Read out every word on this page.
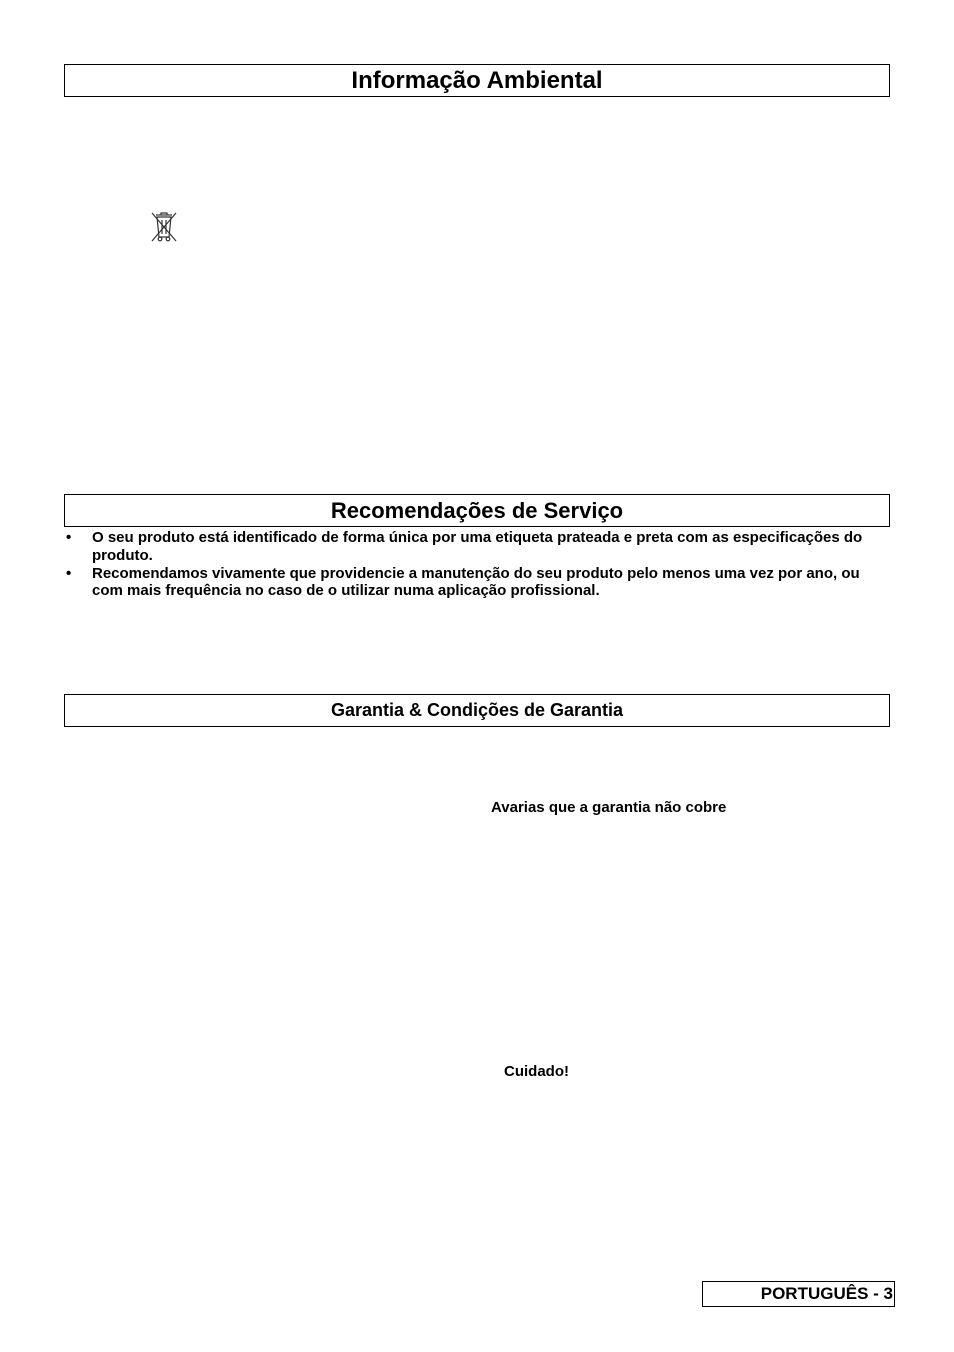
Informação Ambiental
Recomendações de Serviço
• O seu produto está identificado de forma única por uma etiqueta prateada e preta com as especificações do produto.
• Recomendamos vivamente que providencie a manutenção do seu produto pelo menos uma vez por ano, ou com mais frequência no caso de o utilizar numa aplicação profissional.
Garantia & Condições de Garantia
Avarias que a garantia não cobre
Cuidado!
PORTUGUÊS - 3
